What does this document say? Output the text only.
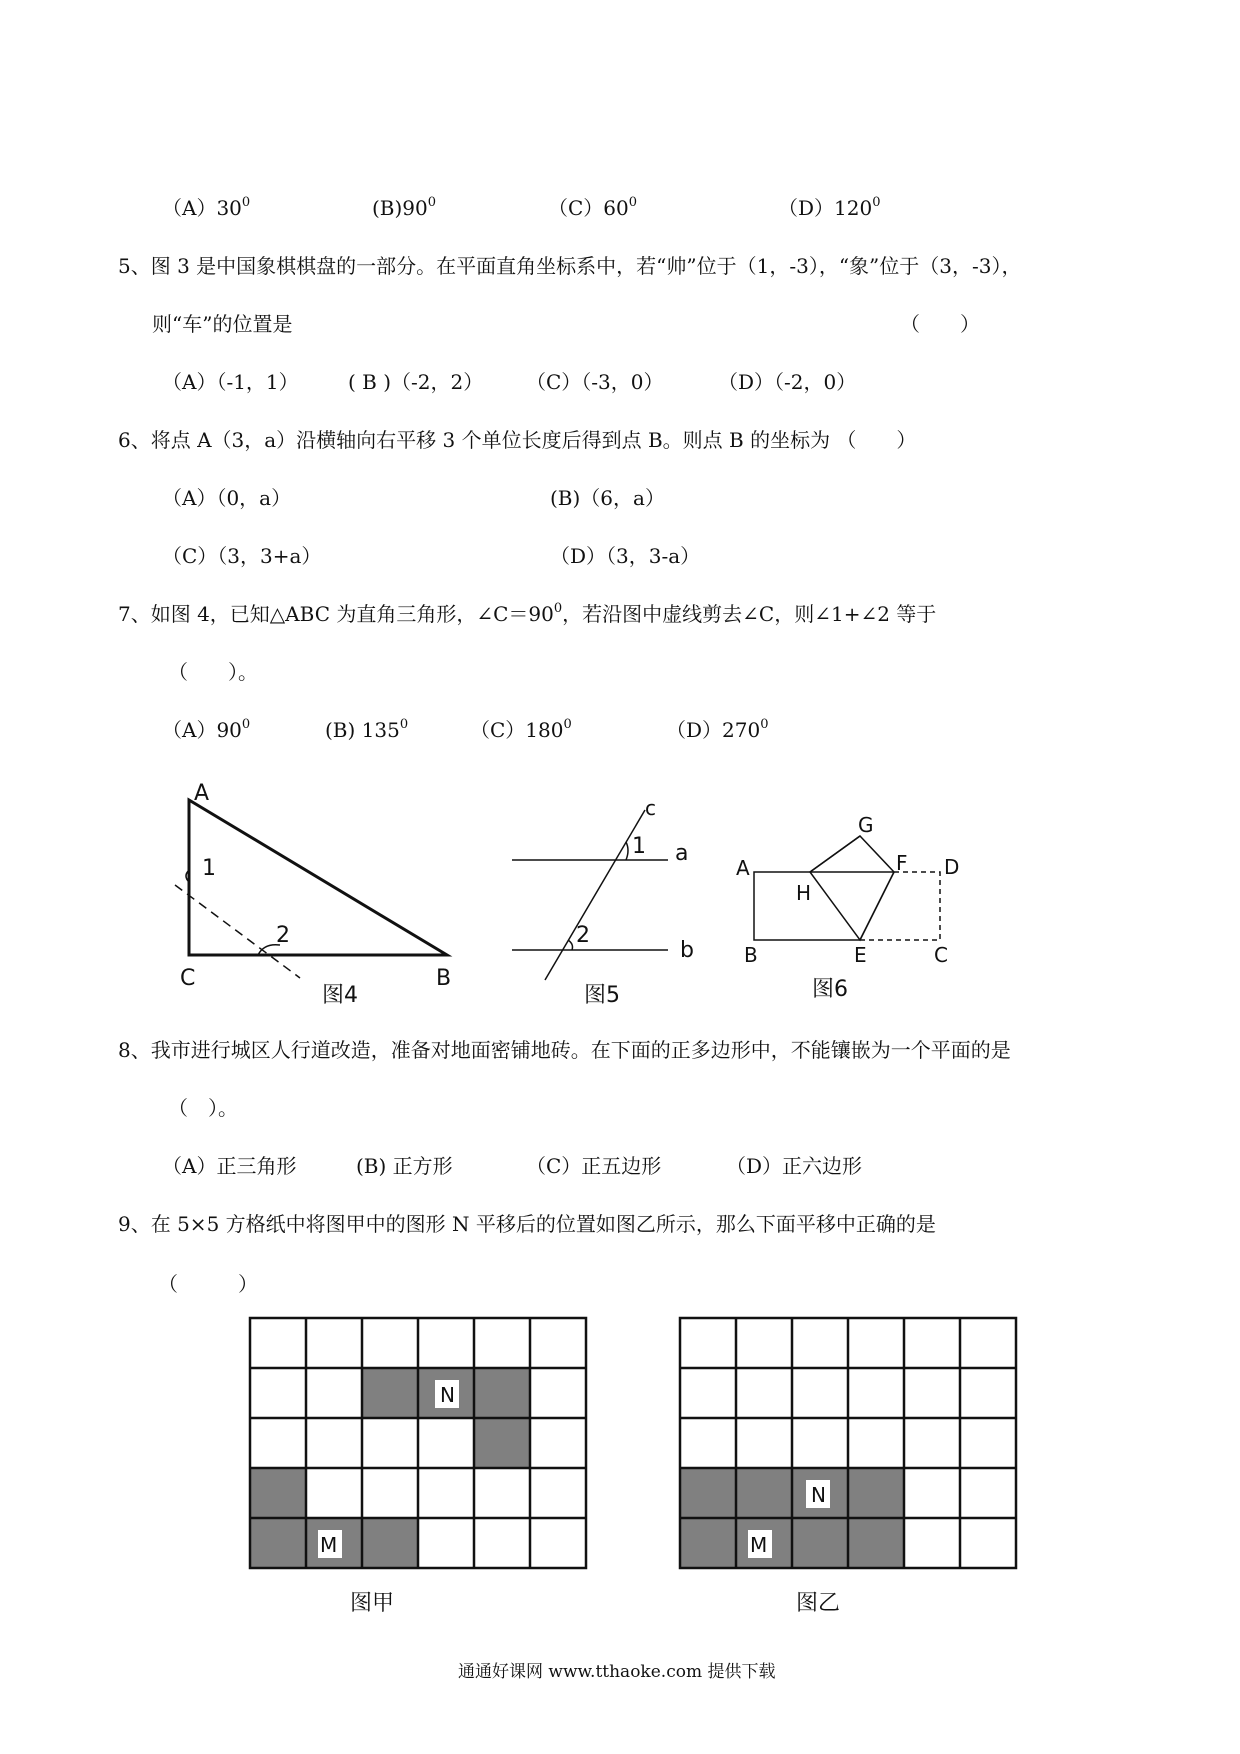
$(A)30^0$	$(B)90^0$	$(C)60^0$	$(D)120^0$
5、图 3 是中国象棋棋盘的一部分。在平面直角坐标系中，若“帅”位于（1，-3），“象”位于（3，-3），
则“车”的位置是	（　　）
（A）（-1，1） ( B )（-2，2） （C）（-3，0）	（D）（-2，0）
6、将点 A（3，a）沿横轴向右平移 3 个单位长度后得到点 B。则点 B 的坐标为 （　　）
（A）（0，a）	(B)（6，a）
（C）（3，3+a）	（D）（3，3-a）
7、如图 4，已知△ABC 为直角三角形，$\angle C=90^0$，若沿图中虚线剪去∠C，则∠1+∠2 等于
（　　）。
$(A)90^0$	(B) $135^0$	$(C)180^0$	$(D)270^0$
A
C	B
1
2
图4
c
a
b
1
2
图5
A
B	C
D
E
F
G
H
图6
8、我市进行城区人行道改造，准备对地面密铺地砖。在下面的正多边形中，不能镶嵌为一个平面的是
（　）。
（A）正三角形	(B) 正方形	（C）正五边形	（D）正六边形
9、在 5×5 方格纸中将图甲中的图形 N 平移后的位置如图乙所示，那么下面平移中正确的是
（　　　）
N
M
图甲
N
M
图乙
通通好课网 www.tthaoke.com 提供下载
